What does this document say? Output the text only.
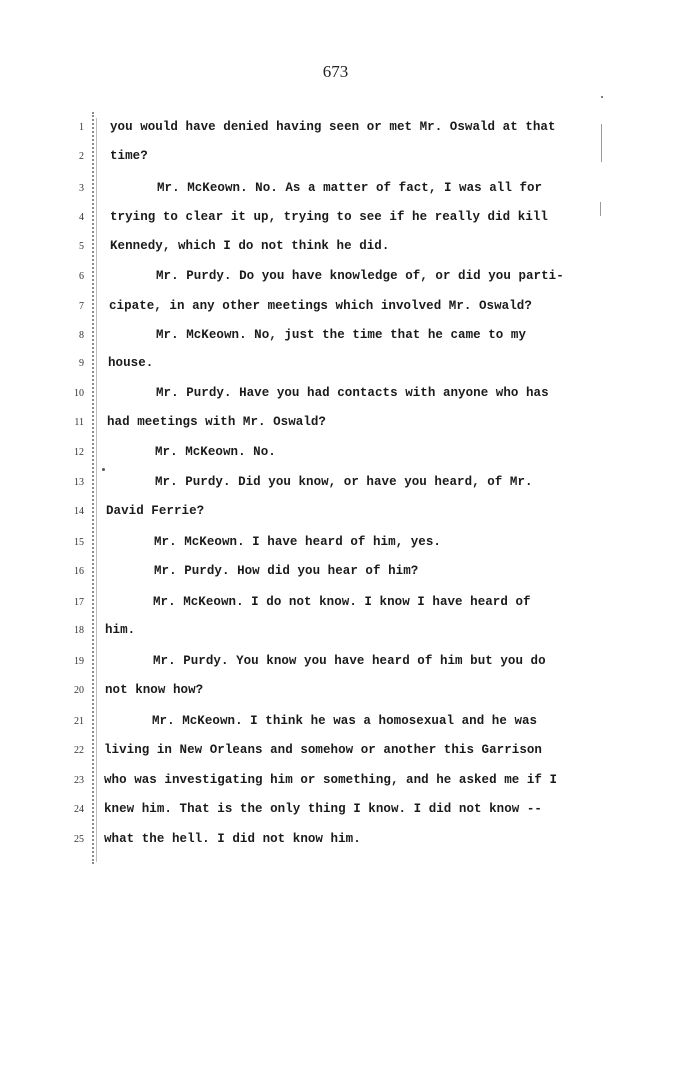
673
1 you would have denied having seen or met Mr. Oswald at that
2 time?
3	Mr. McKeown. No. As a matter of fact, I was all for
4 trying to clear it up, trying to see if he really did kill
5 Kennedy, which I do not think he did.
6	Mr. Purdy. Do you have knowledge of, or did you parti-
7 cipate, in any other meetings which involved Mr. Oswald?
8	Mr. McKeown. No, just the time that he came to my
9 house.
10	Mr. Purdy. Have you had contacts with anyone who has
11 had meetings with Mr. Oswald?
12	Mr. McKeown. No.
13	Mr. Purdy. Did you know, or have you heard, of Mr.
14 David Ferrie?
15	Mr. McKeown. I have heard of him, yes.
16	Mr. Purdy. How did you hear of him?
17	Mr. McKeown. I do not know. I know I have heard of
18 him.
19	Mr. Purdy. You know you have heard of him but you do
20 not know how?
21	Mr. McKeown. I think he was a homosexual and he was
22 living in New Orleans and somehow or another this Garrison
23 who was investigating him or something, and he asked me if I
24 knew him. That is the only thing I know. I did not know --
25 what the hell. I did not know him.
